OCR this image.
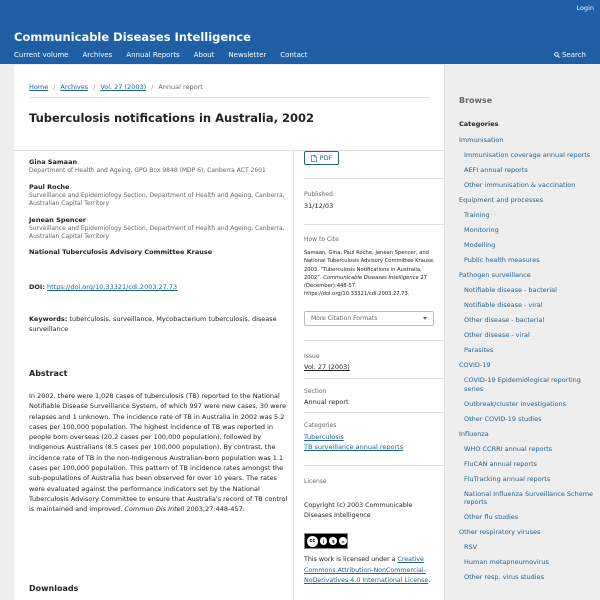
Login
Communicable Diseases Intelligence
Current volume Archives Annual Reports About Newsletter Contact	Search
Home / Archives / Vol. 27 (2003) / Annual report
Tuberculosis notifications in Australia, 2002
Gina Samaan
Department of Health and Ageing, GPO Box 9848 (MDP 6), Canberra ACT 2601
Paul Roche
Surveillance and Epidemiology Section, Department of Health and Ageing, Canberra, Australian Capital Territory
Jenean Spencer
Surveillance and Epidemiology Section, Department of Health and Ageing, Canberra, Australian Capital Territory
National Tuberculosis Advisory Committee Krause
DOI: https://doi.org/10.33321/cdi.2003.27.73
Keywords: tuberculosis, surveillance, Mycobacterium tuberculosis, disease surveillance
Abstract
In 2002, there were 1,028 cases of tuberculosis (TB) reported to the National Notifiable Disease Surveillance System, of which 997 were new cases, 30 were relapses and 1 unknown. The incidence rate of TB in Australia in 2002 was 5.2 cases per 100,000 population. The highest incidence of TB was reported in people born overseas (20.2 cases per 100,000 population), followed by Indigenous Australians (8.5 cases per 100,000 population). By contrast, the incidence rate of TB in the non-Indigenous Australian-born population was 1.1 cases per 100,000 population. This pattern of TB incidence rates amongst the sub-populations of Australia has been observed for over 10 years. The rates were evaluated against the performance indicators set by the National Tuberculosis Advisory Committee to ensure that Australia's record of TB control is maintained and improved. Commun Dis Intell 2003;27:448-457.
Downloads
PDF
Published
31/12/03
How to Cite
Samaan, Gina, Paul Roche, Jenean Spencer, and National Tuberculosis Advisory Committee Krause. 2003. “Tuberculosis Notifications in Australia, 2002”. Communicable Diseases Intelligence 27 (December):448-57. https://doi.org/10.33321/cdi.2003.27.73.
More Citation Formats
Issue
Vol. 27 (2003)
Section
Annual report
Categories
Tuberculosis
TB surveillance annual reports
License
Copyright (c) 2003 Communicable Diseases Intelligence
cc	i	$	=
This work is licensed under a Creative Commons Attribution-NonCommercial-NoDerivatives 4.0 International License.
Browse
Categories
Immunisation
Immunisation coverage annual reports
AEFI annual reports
Other immunisation & vaccination
Equipment and processes
Training
Monitoring
Modelling
Public health measures
Pathogen surveillance
Notifiable disease - bacterial
Notifiable disease - viral
Other disease - bacterial
Other disease - viral
Parasites
COVID-19
COVID-19 Epidemiological reporting series
Outbreak/cluster investigations
Other COVID-19 studies
Influenza
WHO CCRRI annual reports
FluCAN annual reports
FluTracking annual reports
National Influenza Surveillance Scheme reports
Other flu studies
Other respiratory viruses
RSV
Human metapneumovirus
Other resp. virus studies
